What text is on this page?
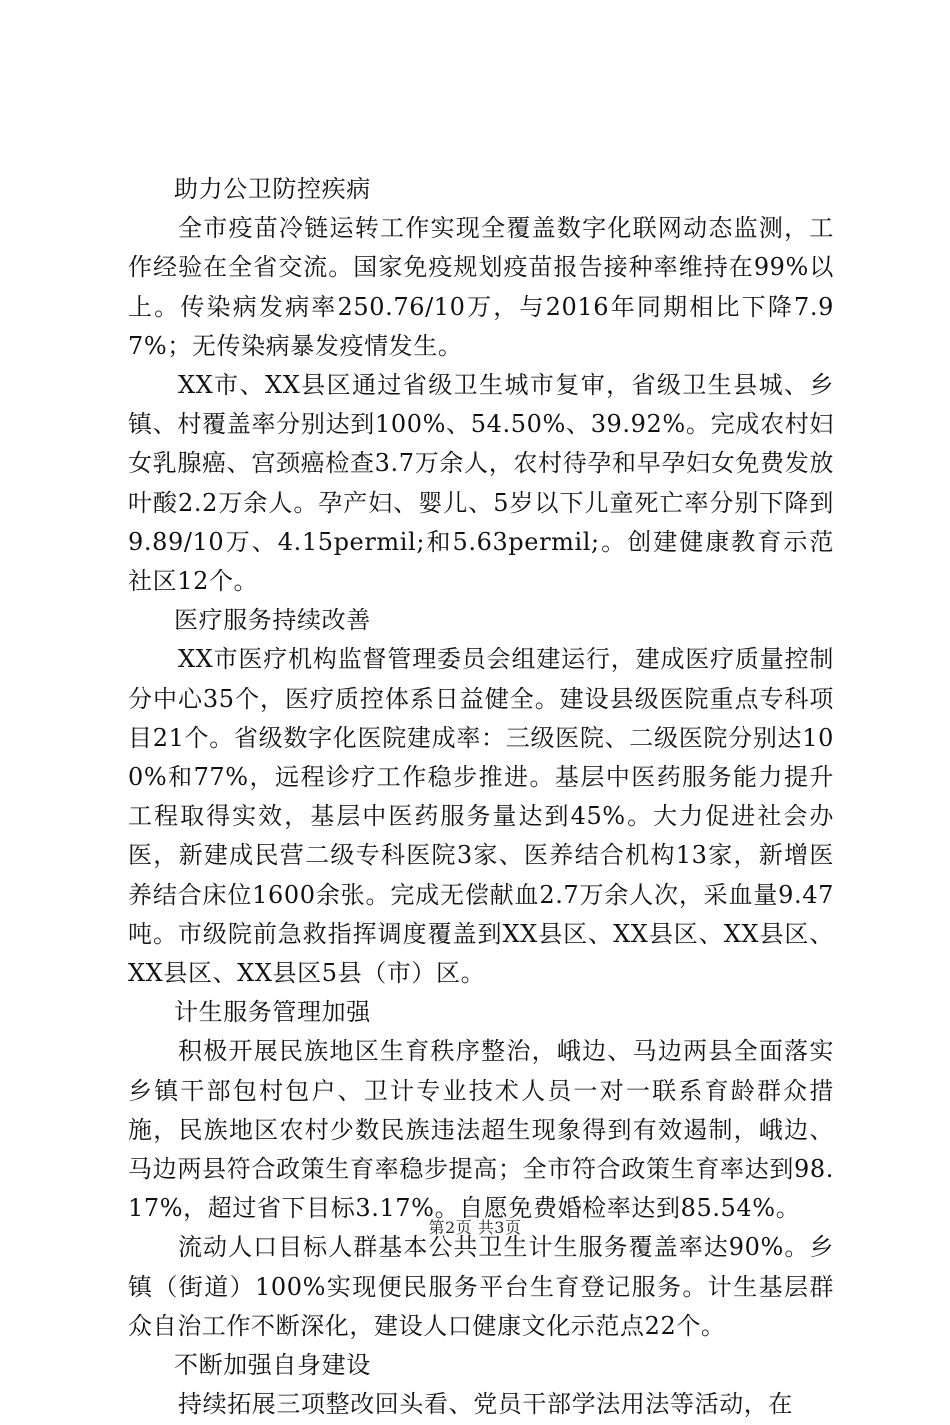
助力公卫防控疾病

全市疫苗冷链运转工作实现全覆盖数字化联网动态监测，工作经验在全省交流。国家免疫规划疫苗报告接种率维持在99%以上。传染病发病率250.76/10万，与2016年同期相比下降7.97%；无传染病暴发疫情发生。

XX市、XX县区通过省级卫生城市复审，省级卫生县城、乡镇、村覆盖率分别达到100%、54.50%、39.92%。完成农村妇女乳腺癌、宫颈癌检查3.7万余人，农村待孕和早孕妇女免费发放叶酸2.2万余人。孕产妇、婴儿、5岁以下儿童死亡率分别下降到9.89/10万、4.15permil;和5.63permil;。创建健康教育示范社区12个。

医疗服务持续改善

XX市医疗机构监督管理委员会组建运行，建成医疗质量控制分中心35个，医疗质控体系日益健全。建设县级医院重点专科项目21个。省级数字化医院建成率：三级医院、二级医院分别达100%和77%，远程诊疗工作稳步推进。基层中医药服务能力提升工程取得实效，基层中医药服务量达到45%。大力促进社会办医，新建成民营二级专科医院3家、医养结合机构13家，新增医养结合床位1600余张。完成无偿献血2.7万余人次，采血量9.47吨。市级院前急救指挥调度覆盖到XX县区、XX县区、XX县区、XX县区、XX县区5县（市）区。

计生服务管理加强

积极开展民族地区生育秩序整治，峨边、马边两县全面落实乡镇干部包村包户、卫计专业技术人员一对一联系育龄群众措施，民族地区农村少数民族违法超生现象得到有效遏制，峨边、马边两县符合政策生育率稳步提高；全市符合政策生育率达到98.17%，超过省下目标3.17%。自愿免费婚检率达到85.54%。

流动人口目标人群基本公共卫生计生服务覆盖率达90%。乡镇（街道）100%实现便民服务平台生育登记服务。计生基层群众自治工作不断深化，建设人口健康文化示范点22个。

不断加强自身建设

持续拓展三项整改回头看、党员干部学法用法等活动，在

第2页 共3页
